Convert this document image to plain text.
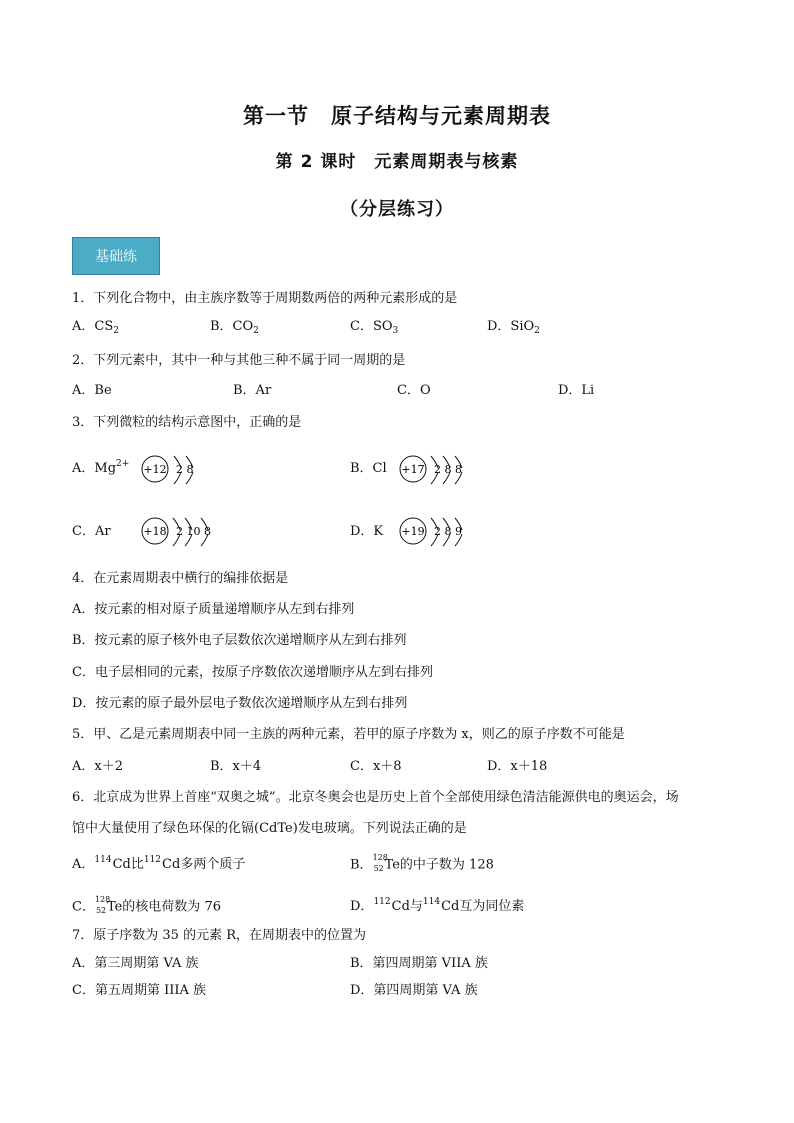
第一节　原子结构与元素周期表
第 2 课时　元素周期表与核素
（分层练习）
基础练
1．下列化合物中，由主族序数等于周期数两倍的两种元素形成的是
A．$CS_2$	B．$CO_2$	C．$SO_3$	D．SiO$_2$
2．下列元素中，其中一种与其他三种不属于同一周期的是
A．Be	B．Ar	C．O	D．Li
3．下列微粒的结构示意图中，正确的是
A．$Mg^{2+} +12$ 2 8	B．Cl +17 2 8 8
C．Ar	+18 2 10 8	D．K +19 2 8 9
4．在元素周期表中横行的编排依据是
A．按元素的相对原子质量递增顺序从左到右排列
B．按元素的原子核外电子层数依次递增顺序从左到右排列
C．电子层相同的元素，按原子序数依次递增顺序从左到右排列
D．按元素的原子最外层电子数依次递增顺序从左到右排列
5．甲、乙是元素周期表中同一主族的两种元素，若甲的原子序数为 x，则乙的原子序数不可能是
A．x＋2	B．x＋4	C．x＋8	D．x＋18
6．北京成为世界上首座“双奥之城”。北京冬奥会也是历史上首个全部使用绿色清洁能源供电的奥运会，场
馆中大量使用了绿色环保的化镉(CdTe)发电玻璃。下列说法正确的是
A．$^{114}$Cd比$^{112}$Cd多两个质子	B． 128
52 Te的中子数为 128
C． 128
52 Te的核电荷数为 76	D．$^{112}$Cd与$^{114}$Cd互为同位素
7．原子序数为 35 的元素 R，在周期表中的位置为
A．第三周期第 VA 族	B．第四周期第 VIIA 族
C．第五周期第 IIIA 族	D．第四周期第 VA 族
